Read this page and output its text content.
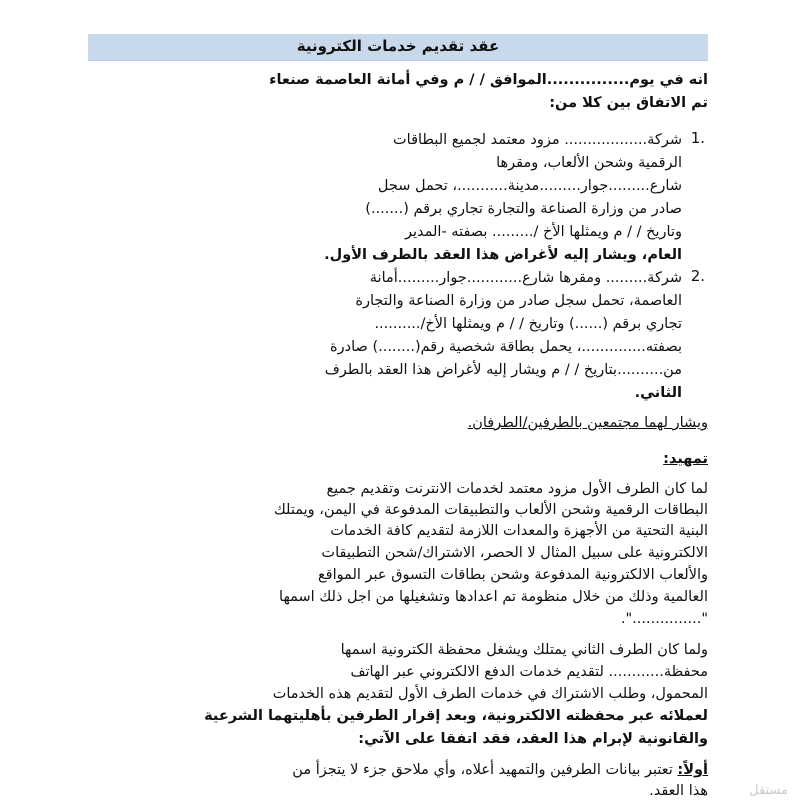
عقد تقديم خدمات الكترونية
انه في يوم...............الموافق / / م وفي أمانة العاصمة صنعاء
تم الاتفاق بين كلا من:
1.
شركة.................. مزود معتمد لجميع البطاقات
الرقمية وشحن الألعاب، ومقرها
شارع.........جوار.........مدينة...........، تحمل سجل
صادر من وزارة الصناعة والتجارة تجاري برقم (.......)
وتاريخ / / م ويمثلها الأخ /......... بصفته -المدير
العام، ويشار إليه لأغراض هذا العقد بالطرف الأول.
2.
شركة......... ومقرها شارع............جوار.........أمانة
العاصمة، تحمل سجل صادر من وزارة الصناعة والتجارة
تجاري برقم (......) وتاريخ / / م ويمثلها الأخ/..........
بصفته..............، يحمل بطاقة شخصية رقم(........) صادرة
من..........بتاريخ / / م ويشار إليه لأغراض هذا العقد بالطرف
الثاني.
ويشار لهما مجتمعين بالطرفين/الطرفان.
تمهيد:
لما كان الطرف الأول مزود معتمد لخدمات الانترنت وتقديم جميع
البطاقات الرقمية وشحن الألعاب والتطبيقات المدفوعة في اليمن، ويمتلك
البنية التحتية من الأجهزة والمعدات اللازمة لتقديم كافة الخدمات
الالكترونية على سبيل المثال لا الحصر، الاشتراك/شحن التطبيقات
والألعاب الالكترونية المدفوعة وشحن بطاقات التسوق عبر المواقع
العالمية وذلك من خلال منظومة تم اعدادها وتشغيلها من اجل ذلك اسمها
"...............".
ولما كان الطرف الثاني يمتلك ويشغل محفظة الكترونية اسمها
محفظة............ لتقديم خدمات الدفع الالكتروني عبر الهاتف
المحمول، وطلب الاشتراك في خدمات الطرف الأول لتقديم هذه الخدمات
لعملائه عبر محفظته الالكترونية، وبعد إقرار الطرفين بأهليتهما الشرعية
والقانونية لإبرام هذا العقد، فقد اتفقا على الآتي:
أولاً: تعتبر بيانات الطرفين والتمهيد أعلاه، وأي ملاحق جزء لا يتجزأ من
هذا العقد.	مستقل
